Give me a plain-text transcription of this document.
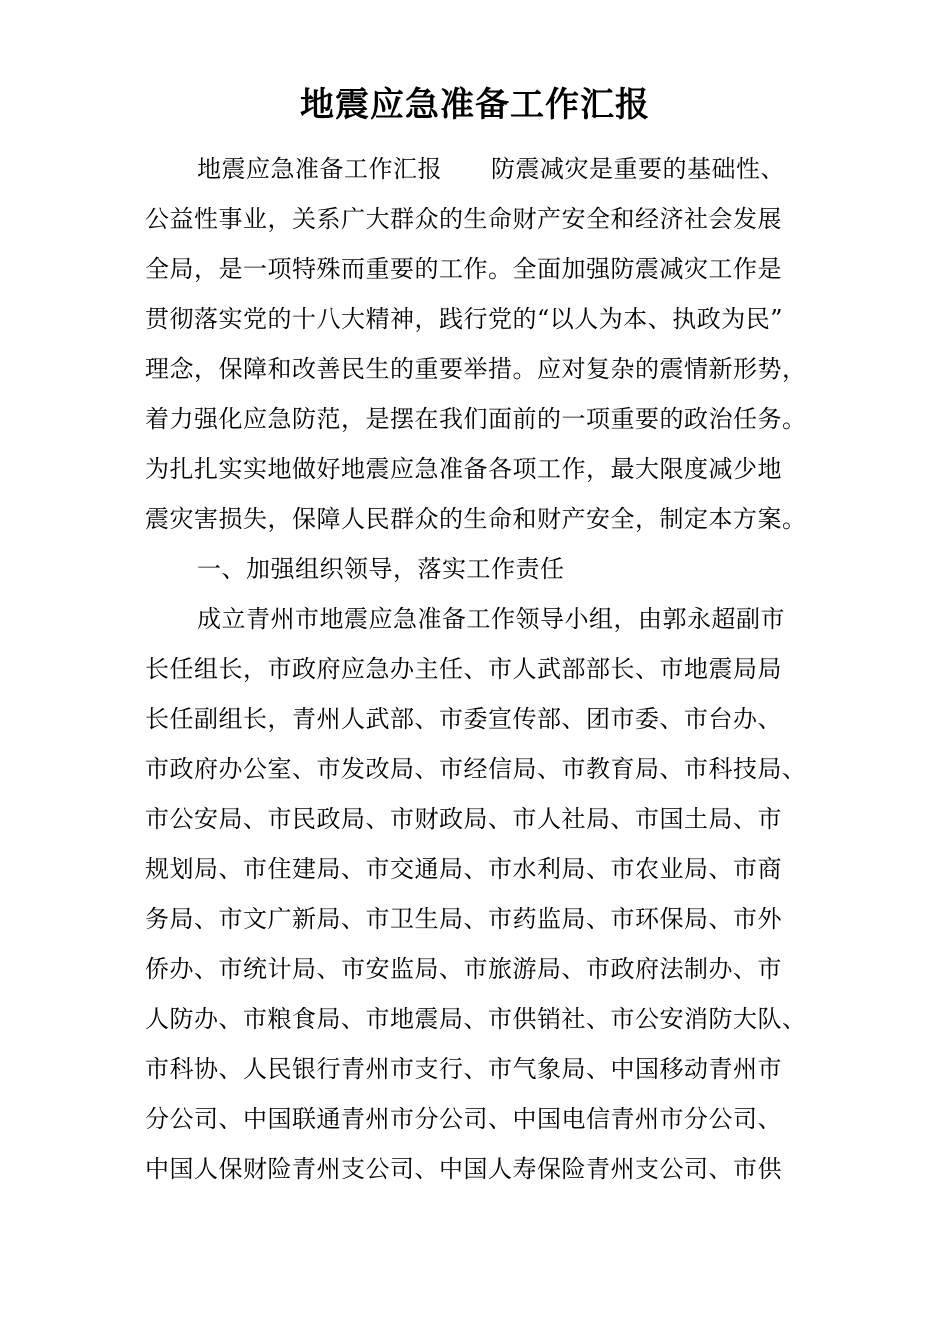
地震应急准备工作汇报
地震应急准备工作汇报　　防震减灾是重要的基础性、
公益性事业，关系广大群众的生命财产安全和经济社会发展
全局，是一项特殊而重要的工作。全面加强防震减灾工作是
贯彻落实党的十八大精神，践行党的“以人为本、执政为民”
理念，保障和改善民生的重要举措。应对复杂的震情新形势，
着力强化应急防范，是摆在我们面前的一项重要的政治任务。
为扎扎实实地做好地震应急准备各项工作，最大限度减少地
震灾害损失，保障人民群众的生命和财产安全，制定本方案。
一、加强组织领导，落实工作责任
成立青州市地震应急准备工作领导小组，由郭永超副市
长任组长，市政府应急办主任、市人武部部长、市地震局局
长任副组长，青州人武部、市委宣传部、团市委、市台办、
市政府办公室、市发改局、市经信局、市教育局、市科技局、
市公安局、市民政局、市财政局、市人社局、市国土局、市
规划局、市住建局、市交通局、市水利局、市农业局、市商
务局、市文广新局、市卫生局、市药监局、市环保局、市外
侨办、市统计局、市安监局、市旅游局、市政府法制办、市
人防办、市粮食局、市地震局、市供销社、市公安消防大队、
市科协、人民银行青州市支行、市气象局、中国移动青州市
分公司、中国联通青州市分公司、中国电信青州市分公司、
中国人保财险青州支公司、中国人寿保险青州支公司、市供
